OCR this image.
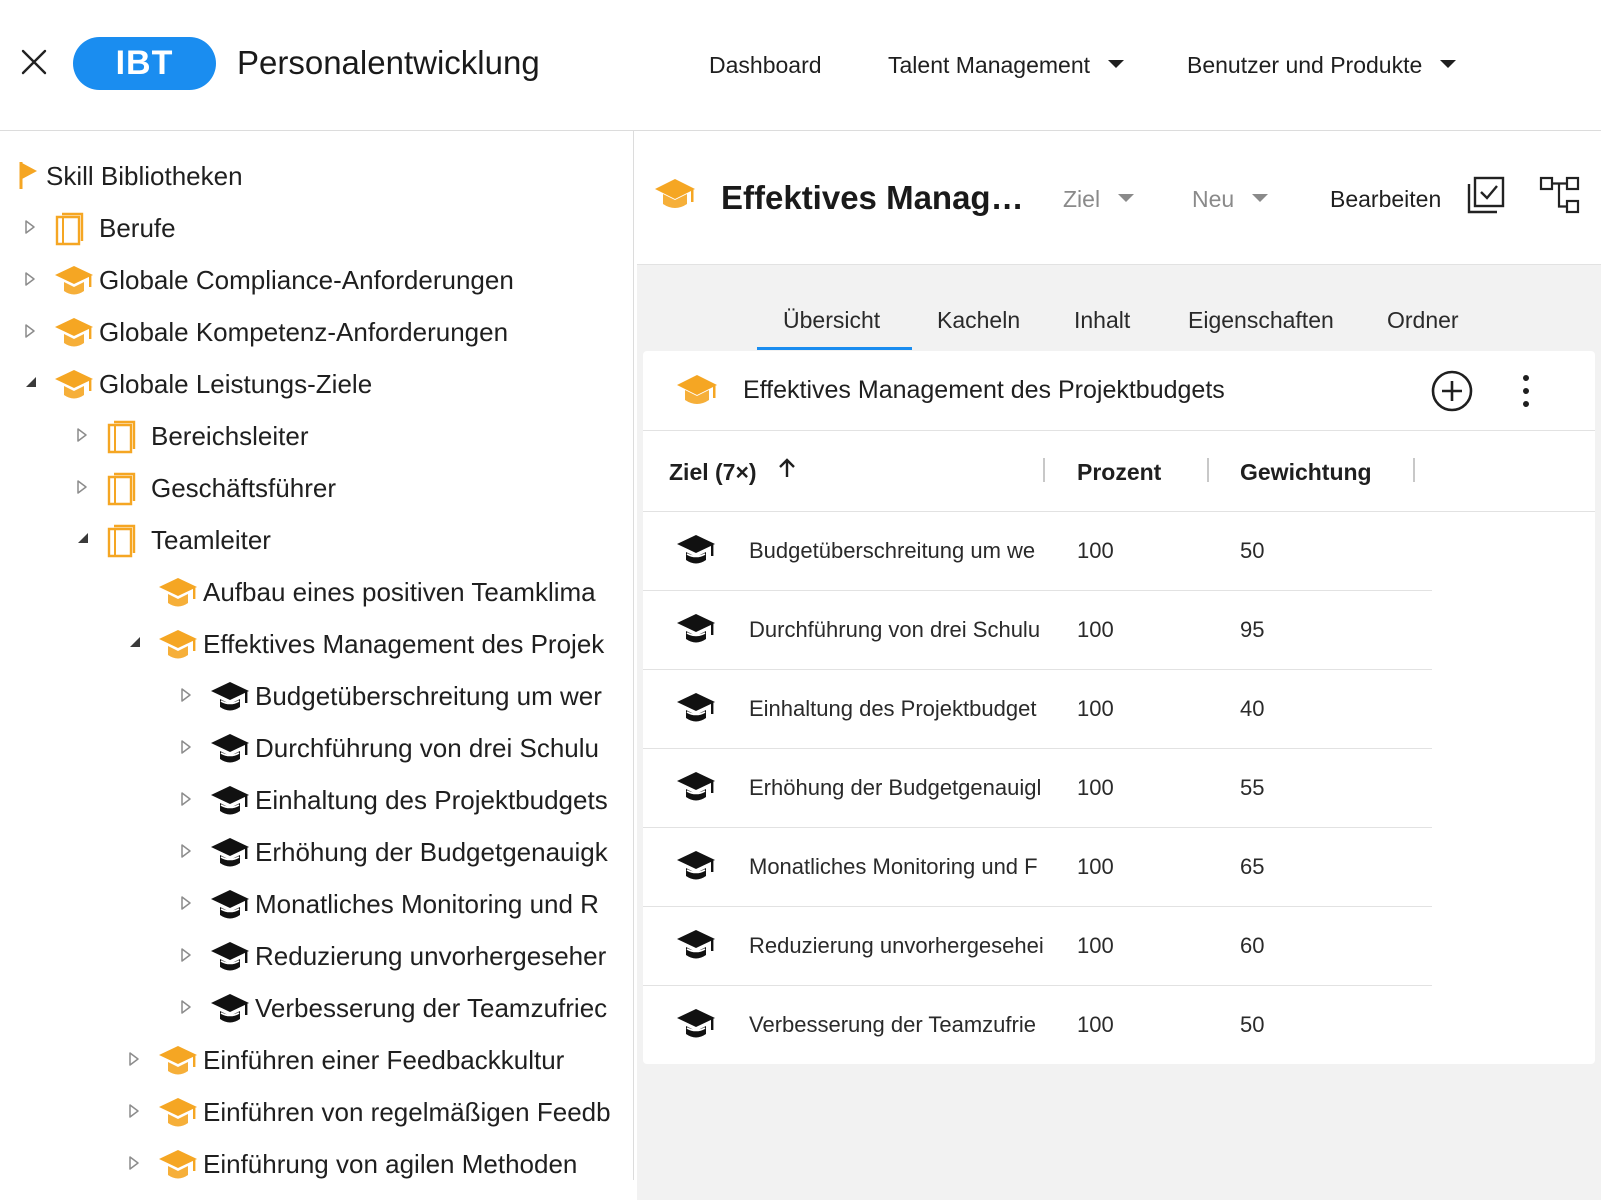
IBT	Personalentwicklung	Dashboard	Talent Management	Benutzer und Produkte
Skill Bibliotheken
Berufe
Globale Compliance-Anforderungen
Globale Kompetenz-Anforderungen
Globale Leistungs-Ziele
Bereichsleiter
Geschäftsführer
Teamleiter
Aufbau eines positiven Teamklima
Effektives Management des Projek
Budgetüberschreitung um wer
Durchführung von drei Schulu
Einhaltung des Projektbudgets
Erhöhung der Budgetgenauigk
Monatliches Monitoring und R
Reduzierung unvorhergeseher
Verbesserung der Teamzufriec
Einführen einer Feedbackkultur
Einführen von regelmäßigen Feedb
Einführung von agilen Methoden
Effektives Manag… Ziel	Neu	Bearbeiten
Übersicht Kacheln Inhalt	Eigenschaften Ordner
Effektives Management des Projektbudgets
Ziel (7×)	Prozent	Gewichtung
Budgetüberschreitung um we	100	50
Durchführung von drei Schulu	100	95
Einhaltung des Projektbudget	100	40
Erhöhung der Budgetgenauigl	100	55
Monatliches Monitoring und F	100	65
Reduzierung unvorhergesehei	100	60
Verbesserung der Teamzufrie	100	50
